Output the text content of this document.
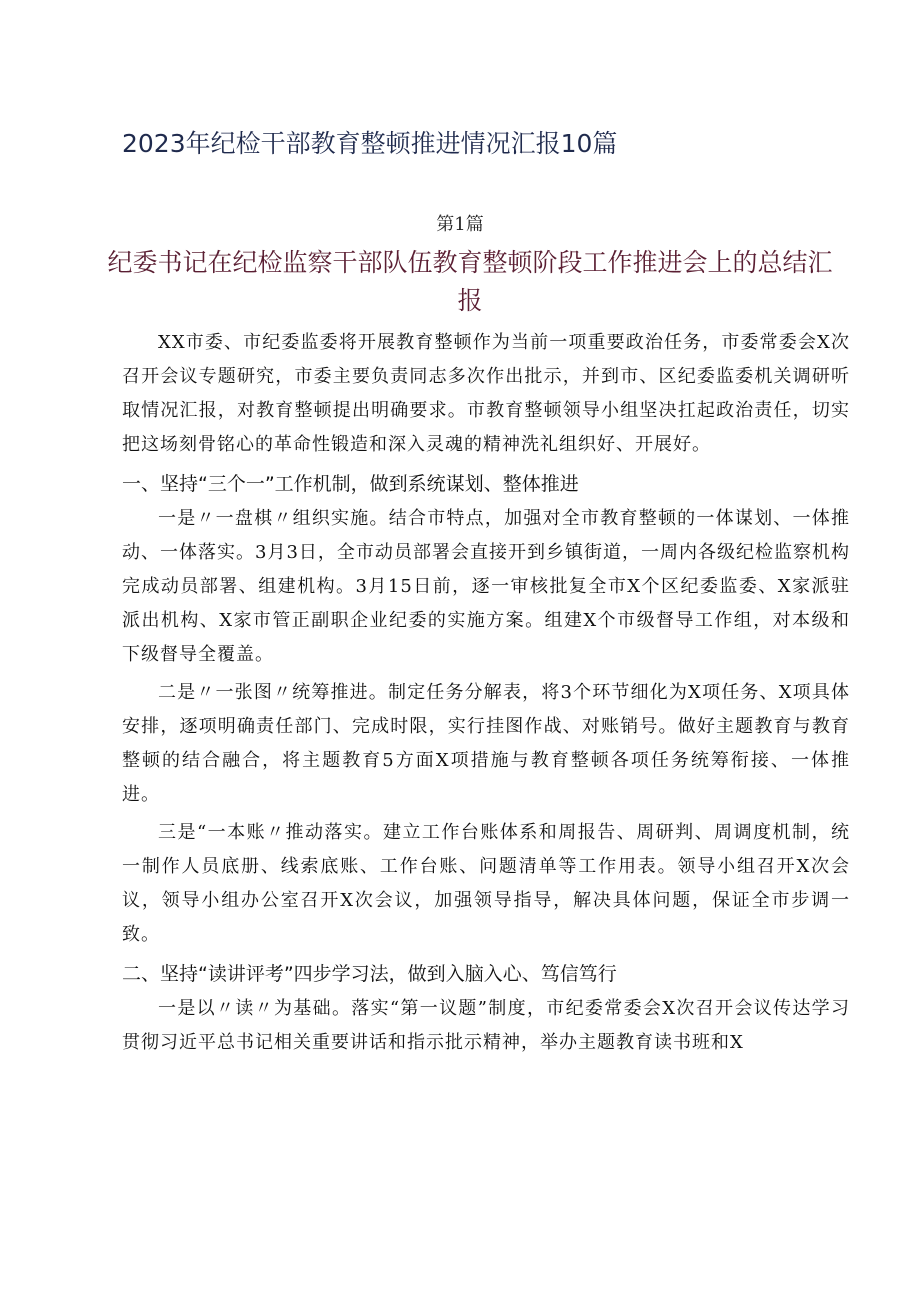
2023年纪检干部教育整顿推进情况汇报10篇
第1篇
纪委书记在纪检监察干部队伍教育整顿阶段工作推进会上的总结汇报

XX市委、市纪委监委将开展教育整顿作为当前一项重要政治任务，市委常委会X次召开会议专题研究，市委主要负责同志多次作出批示，并到市、区纪委监委机关调研听取情况汇报，对教育整顿提出明确要求。市教育整顿领导小组坚决扛起政治责任，切实把这场刻骨铭心的革命性锻造和深入灵魂的精神洗礼组织好、开展好。

一、坚持“三个一”工作机制，做到系统谋划、整体推进

一是〃一盘棋〃组织实施。结合市特点，加强对全市教育整顿的一体谋划、一体推动、一体落实。3月3日，全市动员部署会直接开到乡镇街道，一周内各级纪检监察机构完成动员部署、组建机构。3月15日前，逐一审核批复全市X个区纪委监委、X家派驻派出机构、X家市管正副职企业纪委的实施方案。组建X个市级督导工作组，对本级和下级督导全覆盖。

二是〃一张图〃统筹推进。制定任务分解表，将3个环节细化为X项任务、X项具体安排，逐项明确责任部门、完成时限，实行挂图作战、对账销号。做好主题教育与教育整顿的结合融合，将主题教育5方面X项措施与教育整顿各项任务统筹衔接、一体推进。

三是“一本账〃推动落实。建立工作台账体系和周报告、周研判、周调度机制，统一制作人员底册、线索底账、工作台账、问题清单等工作用表。领导小组召开X次会议，领导小组办公室召开X次会议，加强领导指导，解决具体问题，保证全市步调一致。

二、坚持“读讲评考”四步学习法，做到入脑入心、笃信笃行

一是以〃读〃为基础。落实“第一议题”制度，市纪委常委会X次召开会议传达学习贯彻习近平总书记相关重要讲话和指示批示精神，举办主题教育读书班和X
